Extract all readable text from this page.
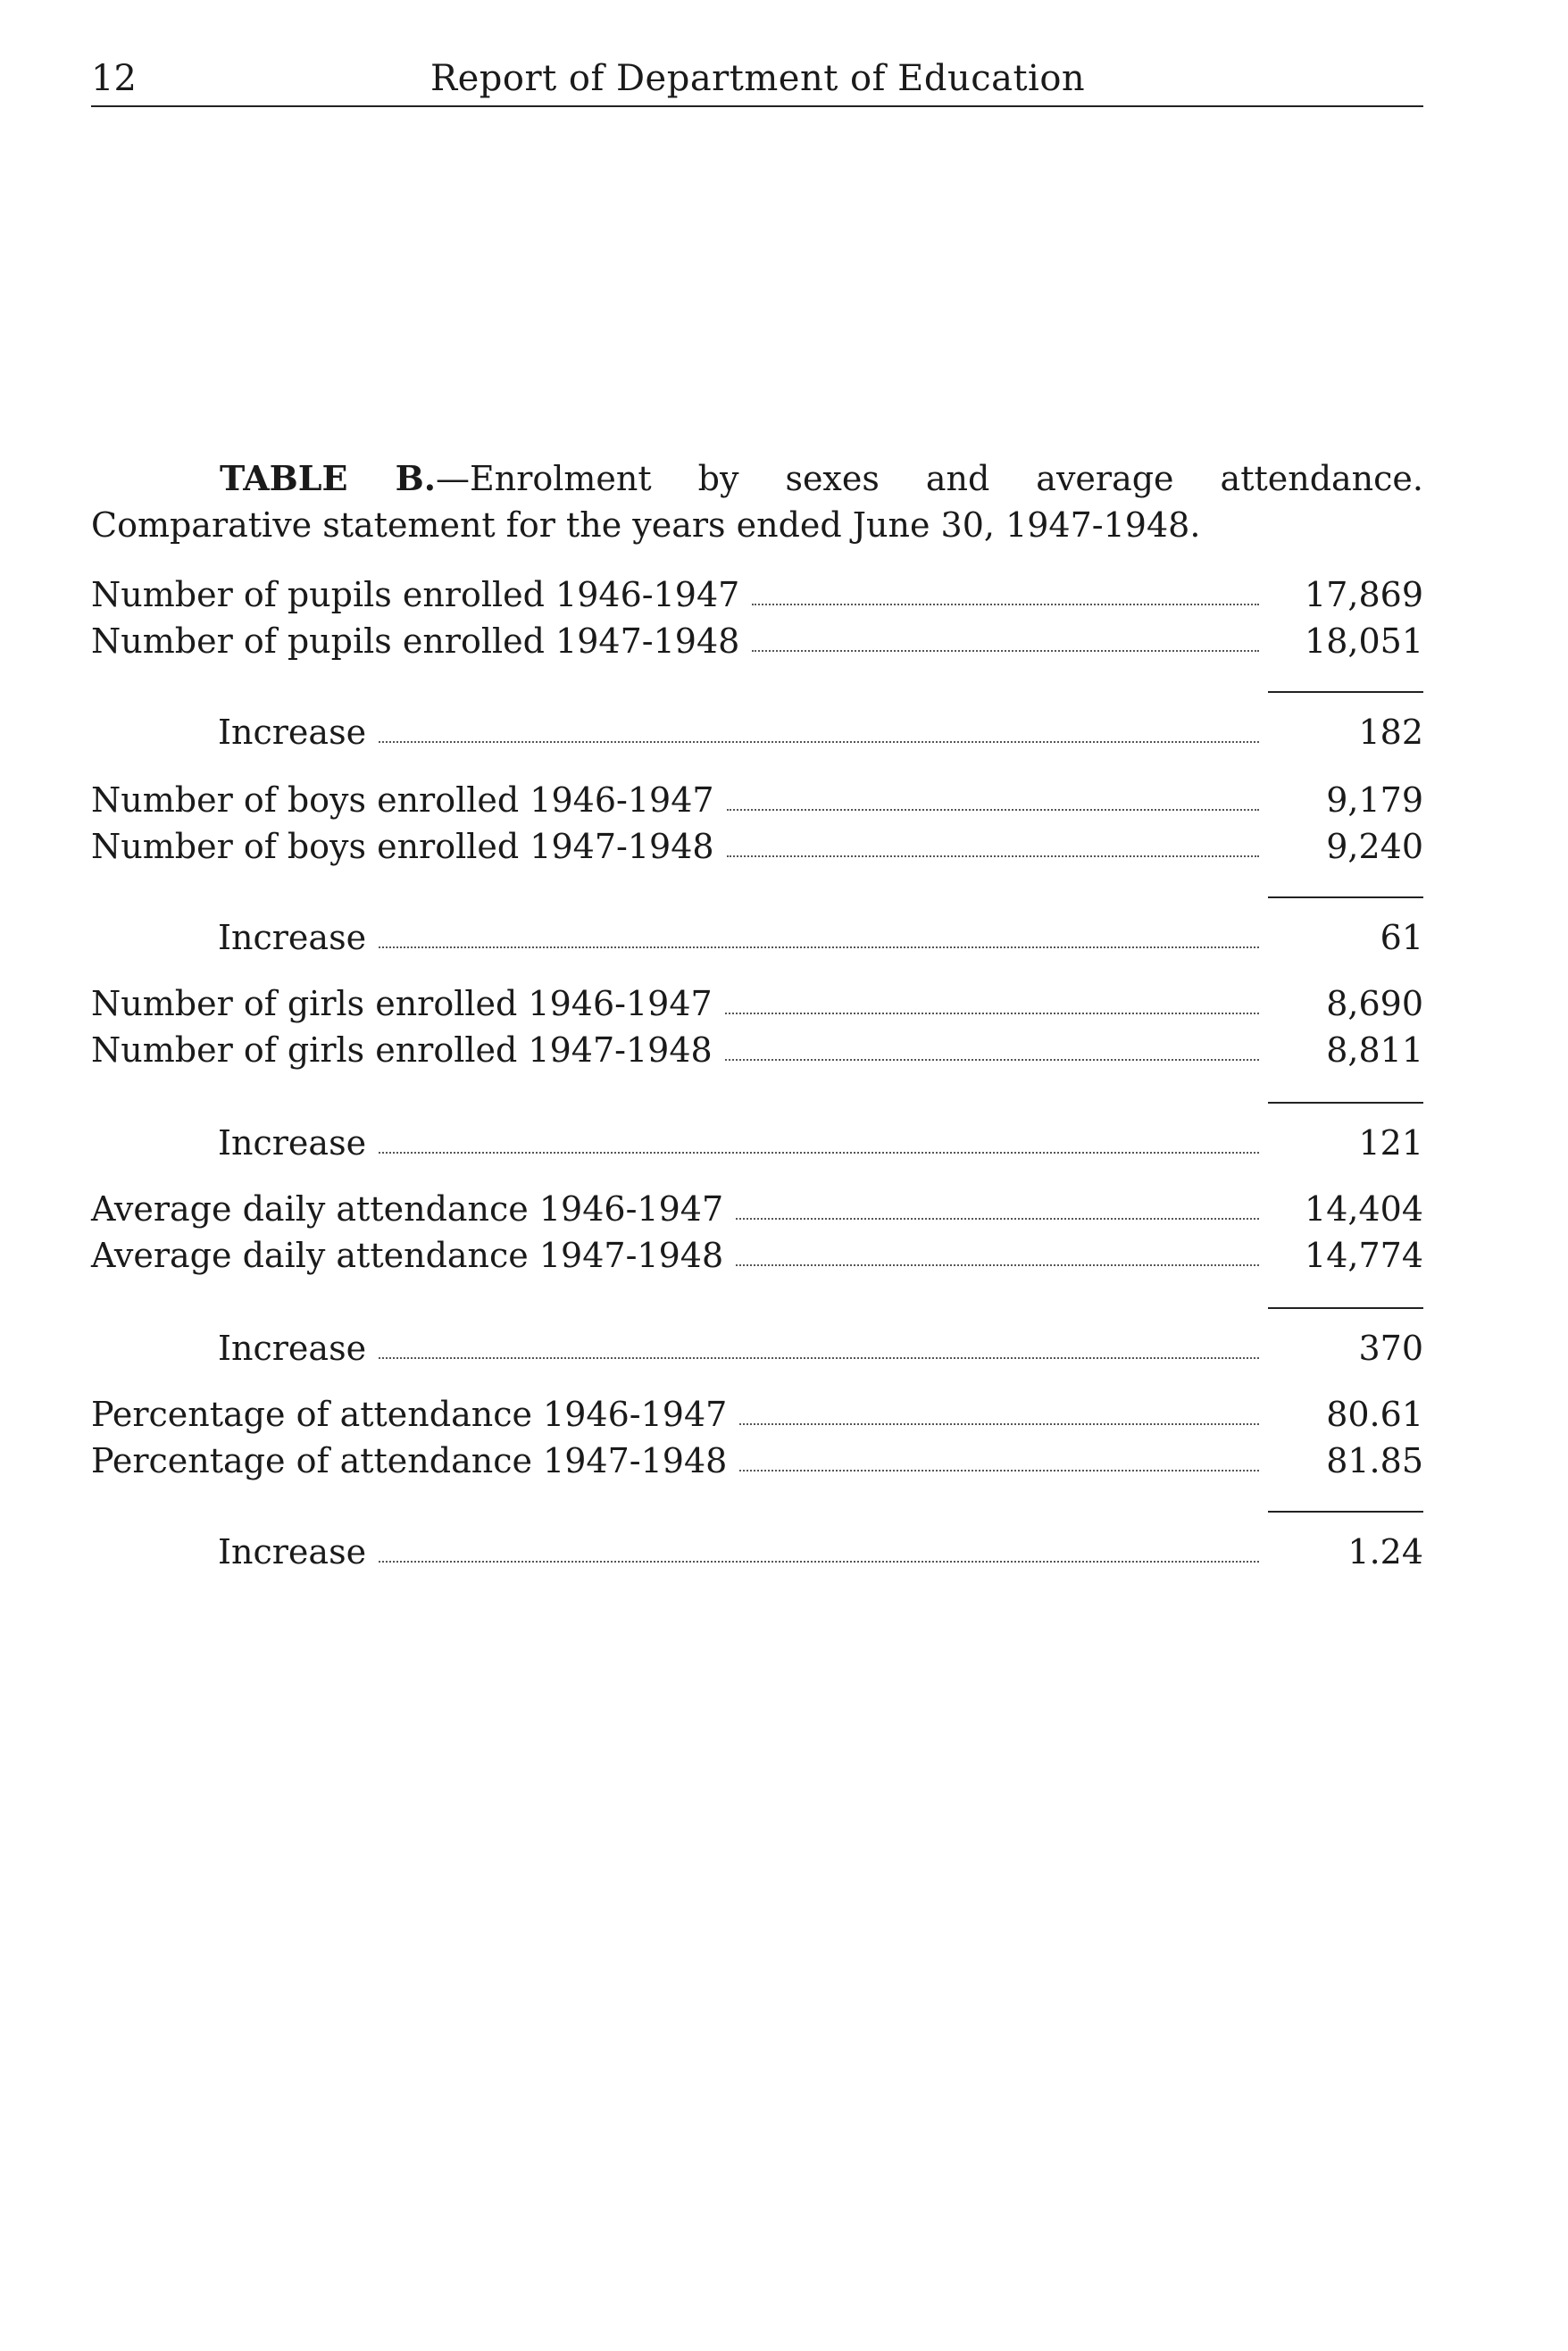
12	Report of Department of Education
TABLE B.—Enrolment by sexes and average attendance. Comparative statement for the years ended June 30, 1947-1948.
Number of pupils enrolled 1946-1947	17,869
Number of pupils enrolled 1947-1948	18,051
Increase	182
Number of boys enrolled 1946-1947	9,179
Number of boys enrolled 1947-1948	9,240
Increase	61
Number of girls enrolled 1946-1947	8,690
Number of girls enrolled 1947-1948	8,811
Increase	121
Average daily attendance 1946-1947	14,404
Average daily attendance 1947-1948	14,774
Increase	370
Percentage of attendance 1946-1947	80.61
Percentage of attendance 1947-1948	81.85
Increase	1.24
